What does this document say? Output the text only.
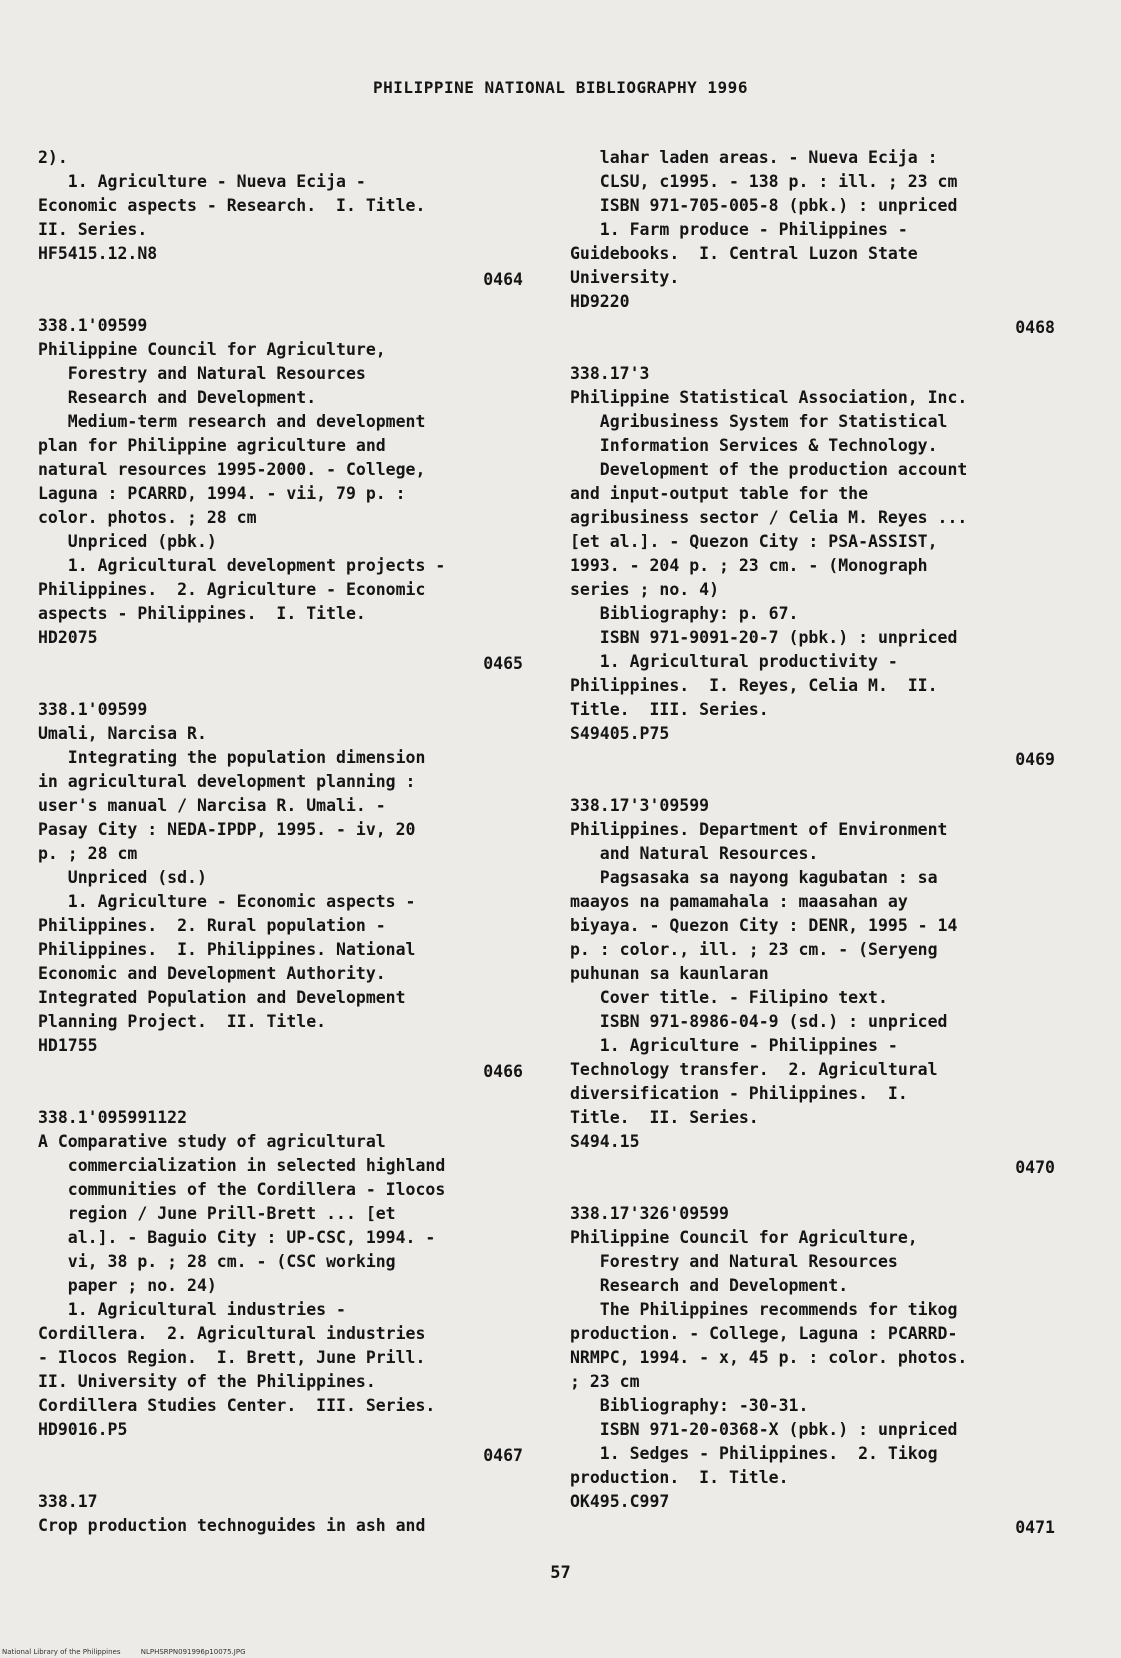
PHILIPPINE NATIONAL BIBLIOGRAPHY 1996
2).
1. Agriculture - Nueva Ecija -
Economic aspects - Research.  I. Title.
II. Series.
HF5415.12.N8
0464
338.1'09599
Philippine Council for Agriculture,
Forestry and Natural Resources
Research and Development.
Medium-term research and development
plan for Philippine agriculture and
natural resources 1995-2000. - College,
Laguna : PCARRD, 1994. - vii, 79 p. :
color. photos. ; 28 cm
Unpriced (pbk.)
1. Agricultural development projects -
Philippines.  2. Agriculture - Economic
aspects - Philippines.  I. Title.
HD2075
0465
338.1'09599
Umali, Narcisa R.
Integrating the population dimension
in agricultural development planning :
user's manual / Narcisa R. Umali. -
Pasay City : NEDA-IPDP, 1995. - iv, 20
p. ; 28 cm
Unpriced (sd.)
1. Agriculture - Economic aspects -
Philippines.  2. Rural population -
Philippines.  I. Philippines. National
Economic and Development Authority.
Integrated Population and Development
Planning Project.  II. Title.
HD1755
0466
338.1'095991122
A Comparative study of agricultural
commercialization in selected highland
communities of the Cordillera - Ilocos
region / June Prill-Brett ... [et
al.]. - Baguio City : UP-CSC, 1994. -
vi, 38 p. ; 28 cm. - (CSC working
paper ; no. 24)
1. Agricultural industries -
Cordillera.  2. Agricultural industries
- Ilocos Region.  I. Brett, June Prill.
II. University of the Philippines.
Cordillera Studies Center.  III. Series.
HD9016.P5
0467
338.17
Crop production technoguides in ash and
lahar laden areas. - Nueva Ecija :
CLSU, c1995. - 138 p. : ill. ; 23 cm
ISBN 971-705-005-8 (pbk.) : unpriced
1. Farm produce - Philippines -
Guidebooks.  I. Central Luzon State
University.
HD9220
0468
338.17'3
Philippine Statistical Association, Inc.
Agribusiness System for Statistical
Information Services & Technology.
Development of the production account
and input-output table for the
agribusiness sector / Celia M. Reyes ...
[et al.]. - Quezon City : PSA-ASSIST,
1993. - 204 p. ; 23 cm. - (Monograph
series ; no. 4)
Bibliography: p. 67.
ISBN 971-9091-20-7 (pbk.) : unpriced
1. Agricultural productivity -
Philippines.  I. Reyes, Celia M.  II.
Title.  III. Series.
S49405.P75
0469
338.17'3'09599
Philippines. Department of Environment
and Natural Resources.
Pagsasaka sa nayong kagubatan : sa
maayos na pamamahala : maasahan ay
biyaya. - Quezon City : DENR, 1995 - 14
p. : color., ill. ; 23 cm. - (Seryeng
puhunan sa kaunlaran
Cover title. - Filipino text.
ISBN 971-8986-04-9 (sd.) : unpriced
1. Agriculture - Philippines -
Technology transfer.  2. Agricultural
diversification - Philippines.  I.
Title.  II. Series.
S494.15
0470
338.17'326'09599
Philippine Council for Agriculture,
Forestry and Natural Resources
Research and Development.
The Philippines recommends for tikog
production. - College, Laguna : PCARRD-
NRMPC, 1994. - x, 45 p. : color. photos.
; 23 cm
Bibliography: -30-31.
ISBN 971-20-0368-X (pbk.) : unpriced
1. Sedges - Philippines.  2. Tikog
production.  I. Title.
OK495.C997
0471
57
National Library of the Philippines	NLPHSRPN091996p10075.JPG
